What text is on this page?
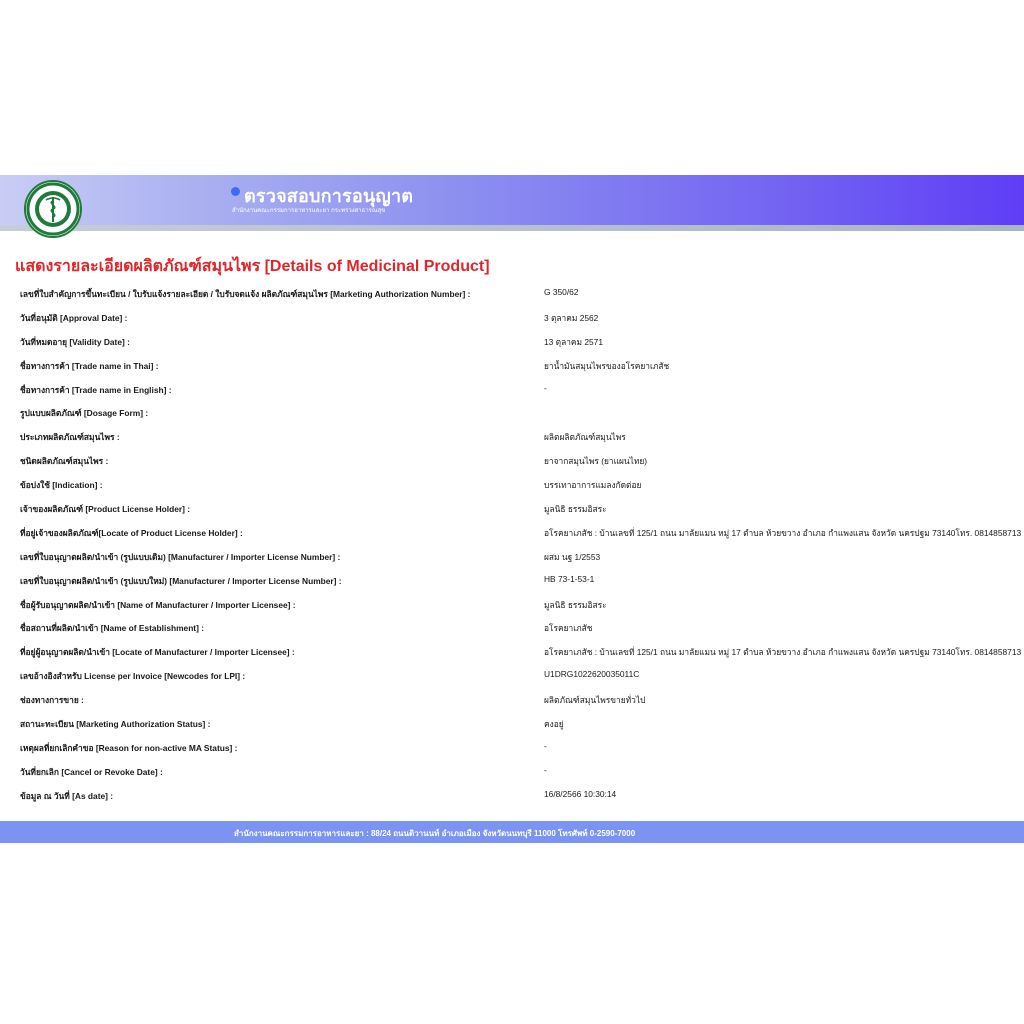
ตรวจสอบการอนุญาต
สำนักงานคณะกรรมการอาหารและยา กระทรวงสาธารณสุข
แสดงรายละเอียดผลิตภัณฑ์สมุนไพร [Details of Medicinal Product]
เลขที่ใบสำคัญการขึ้นทะเบียน / ใบรับแจ้งรายละเอียด / ใบรับจดแจ้ง ผลิตภัณฑ์สมุนไพร [Marketing Authorization Number] :	G 350/62
วันที่อนุมัติ [Approval Date] :	3 ตุลาคม 2562
วันที่หมดอายุ [Validity Date] :	13 ตุลาคม 2571
ชื่อทางการค้า [Trade name in Thai] :	ยาน้ำมันสมุนไพรของอโรคยาเภสัช
ชื่อทางการค้า [Trade name in English] :	-
รูปแบบผลิตภัณฑ์ [Dosage Form] :
ประเภทผลิตภัณฑ์สมุนไพร :	ผลิตผลิตภัณฑ์สมุนไพร
ชนิดผลิตภัณฑ์สมุนไพร :	ยาจากสมุนไพร (ยาแผนไทย)
ข้อบ่งใช้ [Indication] :	บรรเทาอาการแมลงกัดต่อย
เจ้าของผลิตภัณฑ์ [Product License Holder] :	มูลนิธิ ธรรมอิสระ
ที่อยู่เจ้าของผลิตภัณฑ์[Locate of Product License Holder] :	อโรคยาเภสัช : บ้านเลขที่ 125/1 ถนน มาลัยแมน หมู่ 17 ตำบล ห้วยขวาง อำเภอ กำแพงแสน จังหวัด นครปฐม 73140โทร. 0814858713
เลขที่ใบอนุญาตผลิต/นำเข้า (รูปแบบเดิม) [Manufacturer / Importer License Number] :	ผสม นฐ 1/2553
เลขที่ใบอนุญาตผลิต/นำเข้า (รูปแบบใหม่) [Manufacturer / Importer License Number] :	HB 73-1-53-1
ชื่อผู้รับอนุญาตผลิต/นำเข้า [Name of Manufacturer / Importer Licensee] :	มูลนิธิ ธรรมอิสระ
ชื่อสถานที่ผลิต/นำเข้า [Name of Establishment] :	อโรคยาเภสัช
ที่อยู่ผู้อนุญาตผลิต/นำเข้า [Locate of Manufacturer / Importer Licensee] :	อโรคยาเภสัช : บ้านเลขที่ 125/1 ถนน มาลัยแมน หมู่ 17 ตำบล ห้วยขวาง อำเภอ กำแพงแสน จังหวัด นครปฐม 73140โทร. 0814858713
เลขอ้างอิงสำหรับ License per Invoice [Newcodes for LPI] :	U1DRG1022620035011C
ช่องทางการขาย :	ผลิตภัณฑ์สมุนไพรขายทั่วไป
สถานะทะเบียน [Marketing Authorization Status] :	คงอยู่
เหตุผลที่ยกเลิกคำขอ [Reason for non-active MA Status] :	-
วันที่ยกเลิก [Cancel or Revoke Date] :	-
ข้อมูล ณ วันที่ [As date] :	16/8/2566 10:30:14
สำนักงานคณะกรรมการอาหารและยา : 88/24 ถนนติวานนท์ อำเภอเมือง จังหวัดนนทบุรี 11000 โทรศัพท์ 0-2590-7000
